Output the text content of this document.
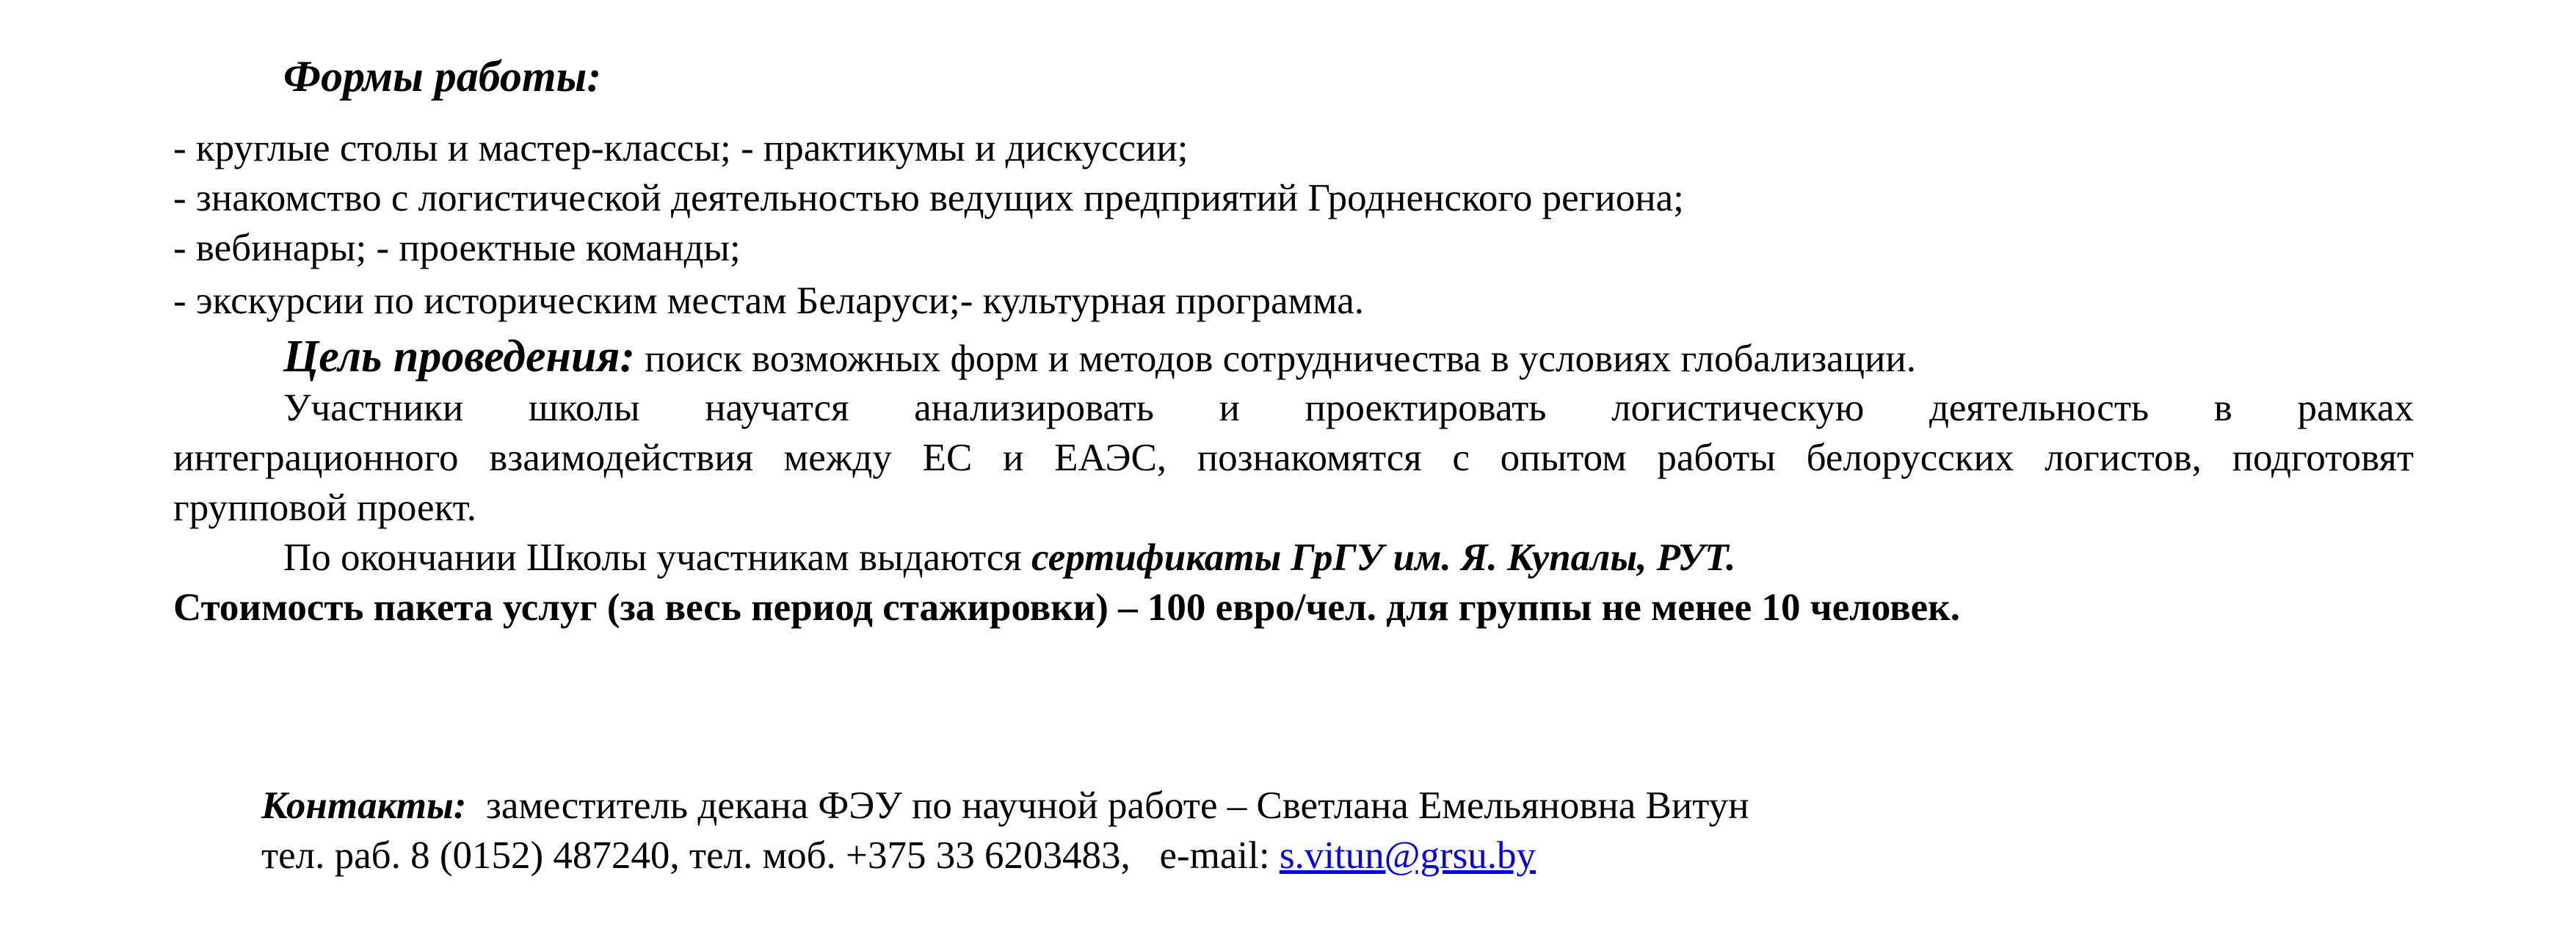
Формы работы:
- круглые столы и мастер-классы; - практикумы и дискуссии;
- знакомство с логистической деятельностью ведущих предприятий Гродненского региона;
- вебинары; - проектные команды;
- экскурсии по историческим местам Беларуси;- культурная программа.
Цель проведения: поиск возможных форм и методов сотрудничества в условиях глобализации.
Участники школы научатся анализировать и проектировать логистическую деятельность в рамках
интеграционного взаимодействия между ЕС и ЕАЭС, познакомятся с опытом работы белорусских логистов, подготовят
групповой проект.
По окончании Школы участникам выдаются сертификаты ГрГУ им. Я. Купалы, РУТ.
Стоимость пакета услуг (за весь период стажировки) – 100 евро/чел. для группы не менее 10 человек.
Контакты:  заместитель декана ФЭУ по научной работе – Светлана Емельяновна Витун
тел. раб. 8 (0152) 487240, тел. моб. +375 33 6203483,   e-mail: s.vitun@grsu.by
